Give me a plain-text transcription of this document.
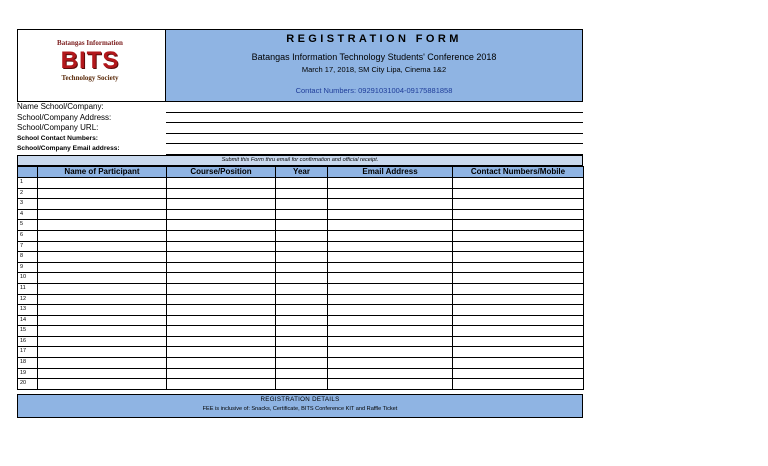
Batangas Information
BITS
Technology Society
REGISTRATION FORM
Batangas Information Technology Students' Conference 2018
March 17, 2018, SM City Lipa, Cinema 1&2
Contact Numbers: 09291031004-09175881858
Name School/Company:
School/Company Address:
School/Company URL:
School Contact Numbers:
School/Company Email address:
Submit this Form thru email for confirmation and official receipt.
	Name of Participant	Course/Position	Year	Email Address	Contact Numbers/Mobile
1					
2					
3					
4					
5					
6					
7					
8					
9					
10					
11					
12					
13					
14					
15					
16					
17					
18					
19					
20					
REGISTRATION DETAILS
FEE is inclusive of: Snacks, Certificate, BITS Conference KIT and Raffle Ticket
